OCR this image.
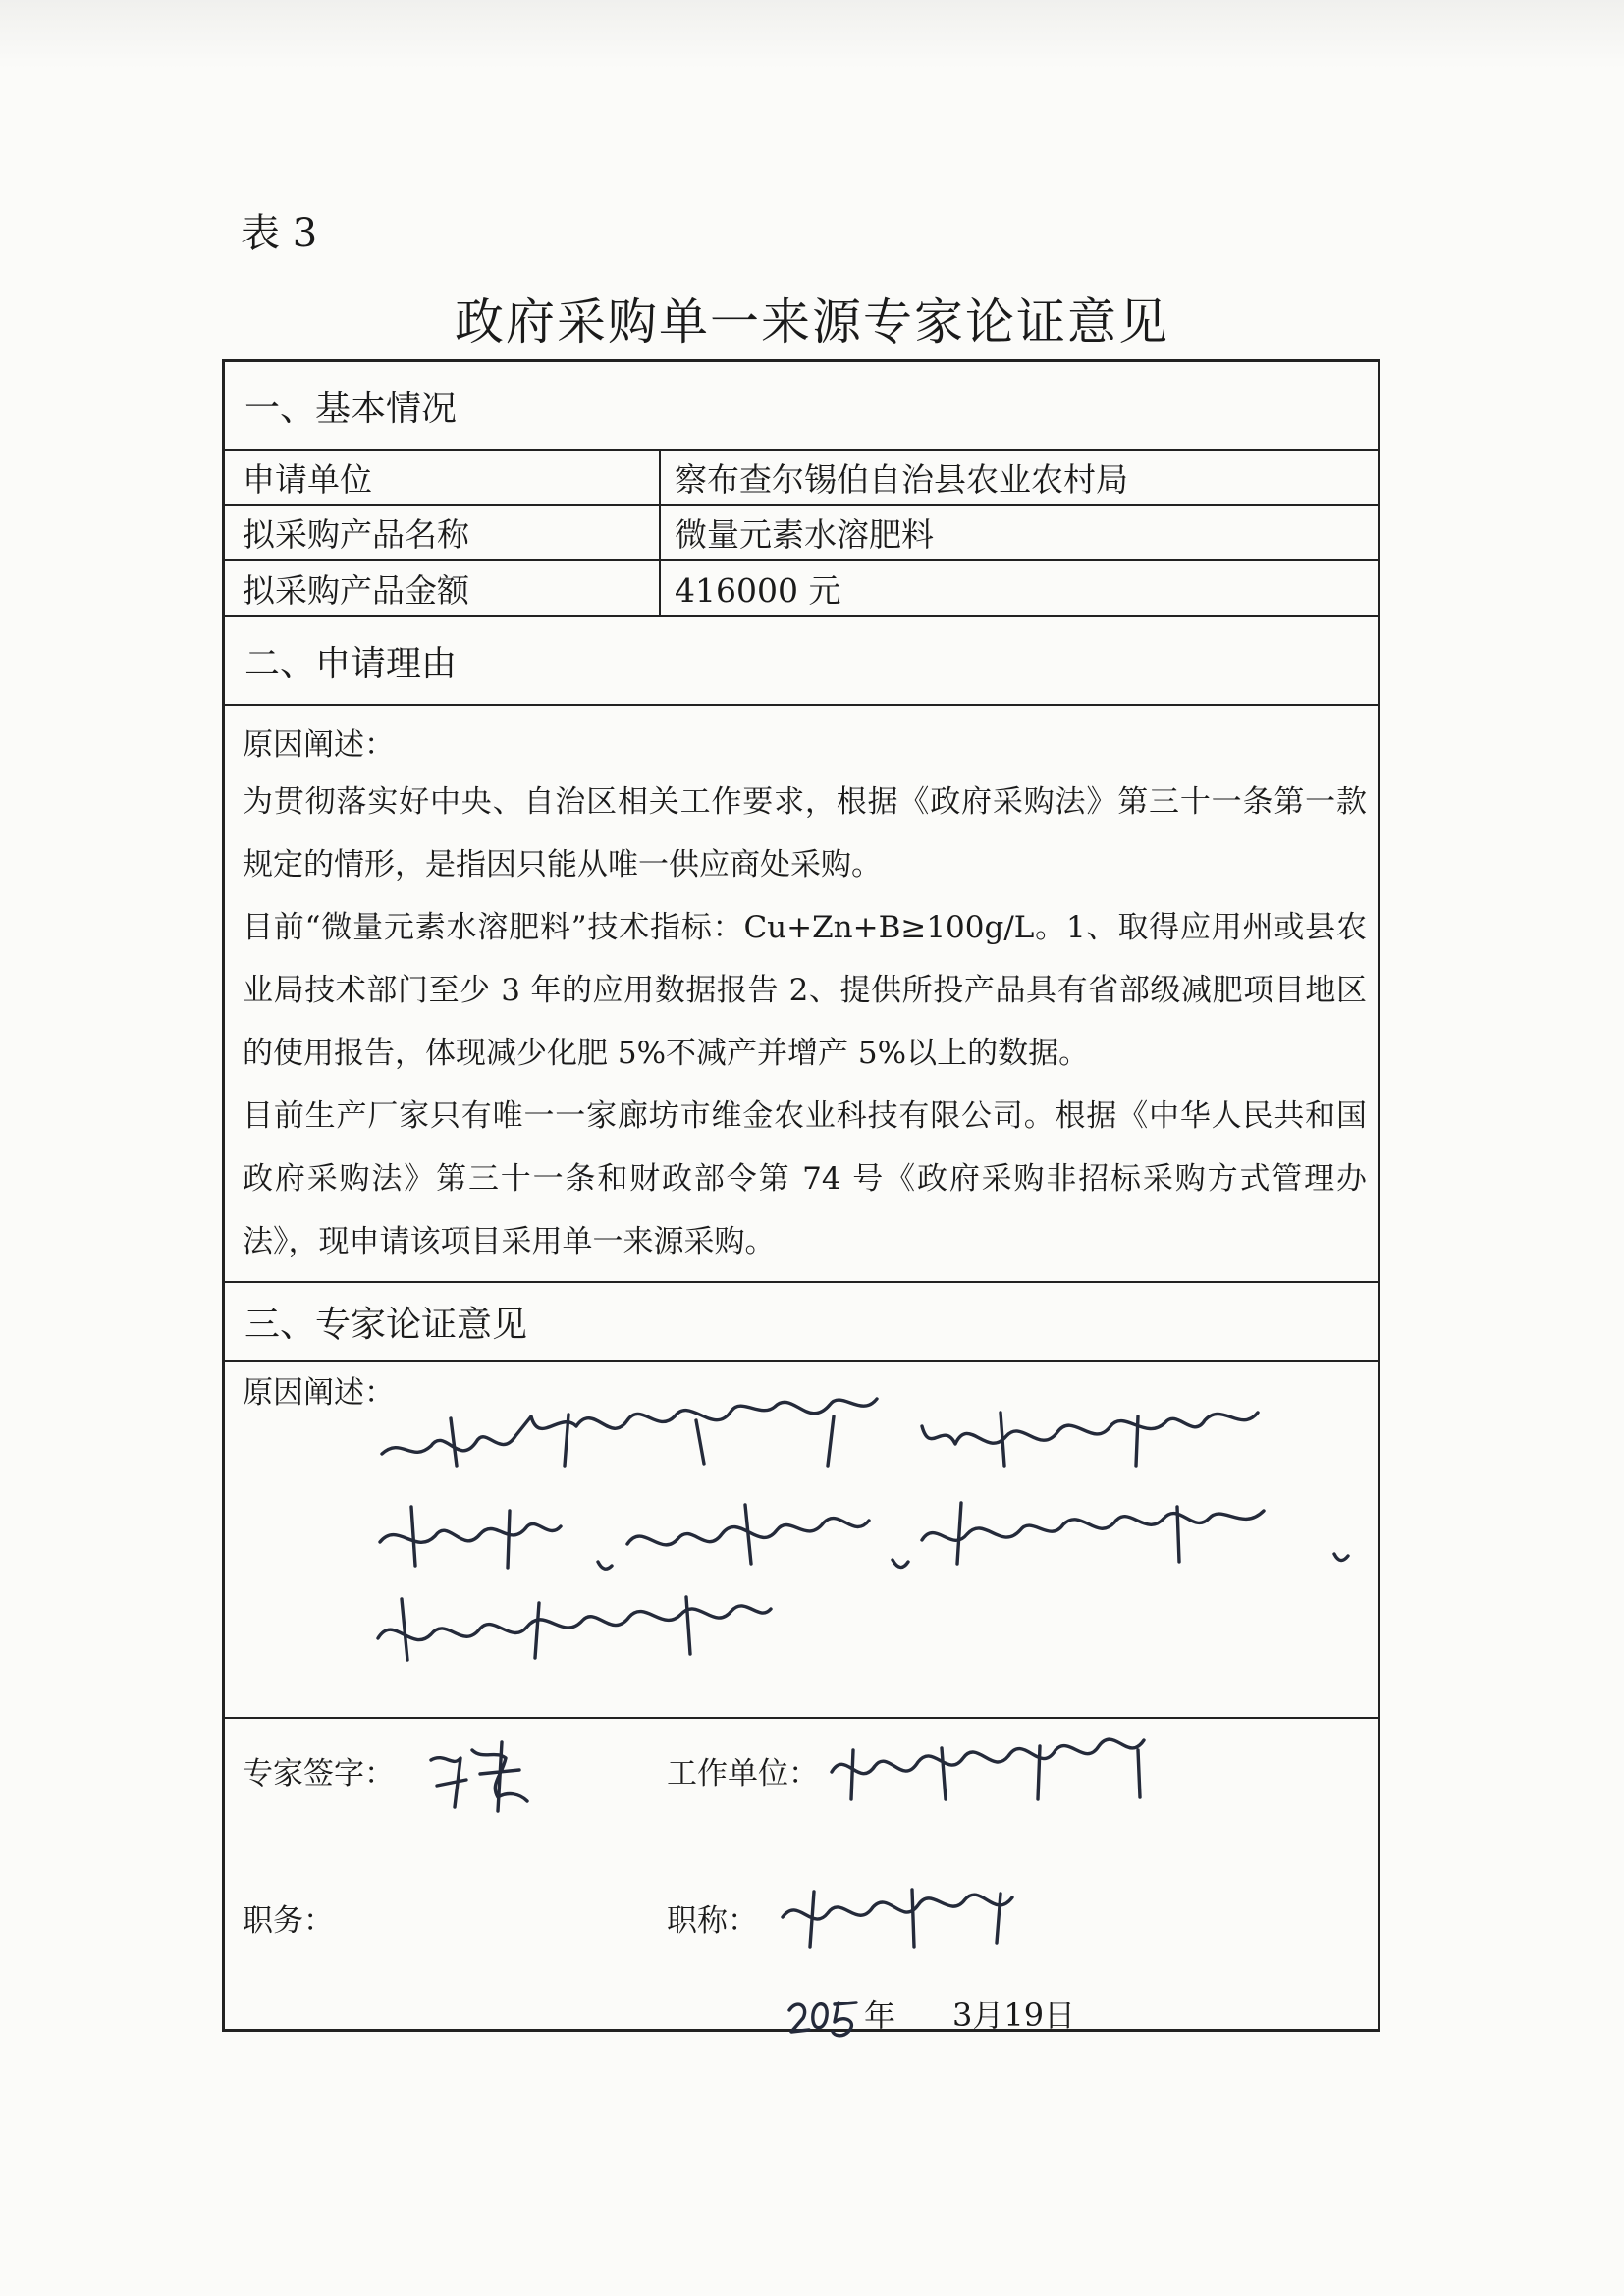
表 3
政府采购单一来源专家论证意见
一、基本情况
申请单位	察布查尔锡伯自治县农业农村局
拟采购产品名称	微量元素水溶肥料
拟采购产品金额	416000 元
二、申请理由
原因阐述：

为贯彻落实好中央、自治区相关工作要求，根据《政府采购法》第三十一条第一款规定的情形，是指因只能从唯一供应商处采购。

目前“微量元素水溶肥料”技术指标：Cu+Zn+B≥100g/L。1、取得应用州或县农业局技术部门至少 3 年的应用数据报告 2、提供所投产品具有省部级减肥项目地区的使用报告，体现减少化肥 5%不减产并增产 5%以上的数据。

目前生产厂家只有唯一一家廊坊市维金农业科技有限公司。根据《中华人民共和国政府采购法》第三十一条和财政部令第 74 号《政府采购非招标采购方式管理办法》，现申请该项目采用单一来源采购。

三、专家论证意见
原因阐述：
专家签字：	工作单位：
职务：	职称：
年 3月19日
